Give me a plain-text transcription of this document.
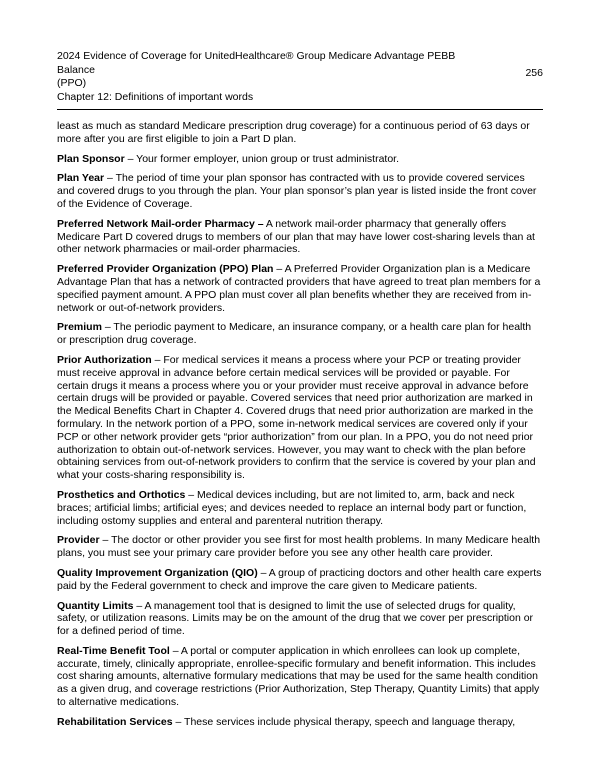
2024 Evidence of Coverage for UnitedHealthcare® Group Medicare Advantage PEBB Balance
(PPO)
Chapter 12: Definitions of important words
256

least as much as standard Medicare prescription drug coverage) for a continuous period of 63 days or more after you are first eligible to join a Part D plan.

Plan Sponsor – Your former employer, union group or trust administrator.

Plan Year – The period of time your plan sponsor has contracted with us to provide covered services and covered drugs to you through the plan. Your plan sponsor’s plan year is listed inside the front cover of the Evidence of Coverage.

Preferred Network Mail-order Pharmacy – A network mail-order pharmacy that generally offers Medicare Part D covered drugs to members of our plan that may have lower cost-sharing levels than at other network pharmacies or mail-order pharmacies.

Preferred Provider Organization (PPO) Plan – A Preferred Provider Organization plan is a Medicare Advantage Plan that has a network of contracted providers that have agreed to treat plan members for a specified payment amount. A PPO plan must cover all plan benefits whether they are received from in-network or out-of-network providers.

Premium – The periodic payment to Medicare, an insurance company, or a health care plan for health or prescription drug coverage.

Prior Authorization – For medical services it means a process where your PCP or treating provider must receive approval in advance before certain medical services will be provided or payable. For certain drugs it means a process where you or your provider must receive approval in advance before certain drugs will be provided or payable. Covered services that need prior authorization are marked in the Medical Benefits Chart in Chapter 4. Covered drugs that need prior authorization are marked in the formulary. In the network portion of a PPO, some in-network medical services are covered only if your PCP or other network provider gets “prior authorization” from our plan. In a PPO, you do not need prior authorization to obtain out-of-network services. However, you may want to check with the plan before obtaining services from out-of-network providers to confirm that the service is covered by your plan and what your costs-sharing responsibility is.

Prosthetics and Orthotics – Medical devices including, but are not limited to, arm, back and neck braces; artificial limbs; artificial eyes; and devices needed to replace an internal body part or function, including ostomy supplies and enteral and parenteral nutrition therapy.

Provider – The doctor or other provider you see first for most health problems. In many Medicare health plans, you must see your primary care provider before you see any other health care provider.

Quality Improvement Organization (QIO) – A group of practicing doctors and other health care experts paid by the Federal government to check and improve the care given to Medicare patients.

Quantity Limits – A management tool that is designed to limit the use of selected drugs for quality, safety, or utilization reasons. Limits may be on the amount of the drug that we cover per prescription or for a defined period of time.

Real-Time Benefit Tool – A portal or computer application in which enrollees can look up complete, accurate, timely, clinically appropriate, enrollee-specific formulary and benefit information. This includes cost sharing amounts, alternative formulary medications that may be used for the same health condition as a given drug, and coverage restrictions (Prior Authorization, Step Therapy, Quantity Limits) that apply to alternative medications.

Rehabilitation Services – These services include physical therapy, speech and language therapy,
